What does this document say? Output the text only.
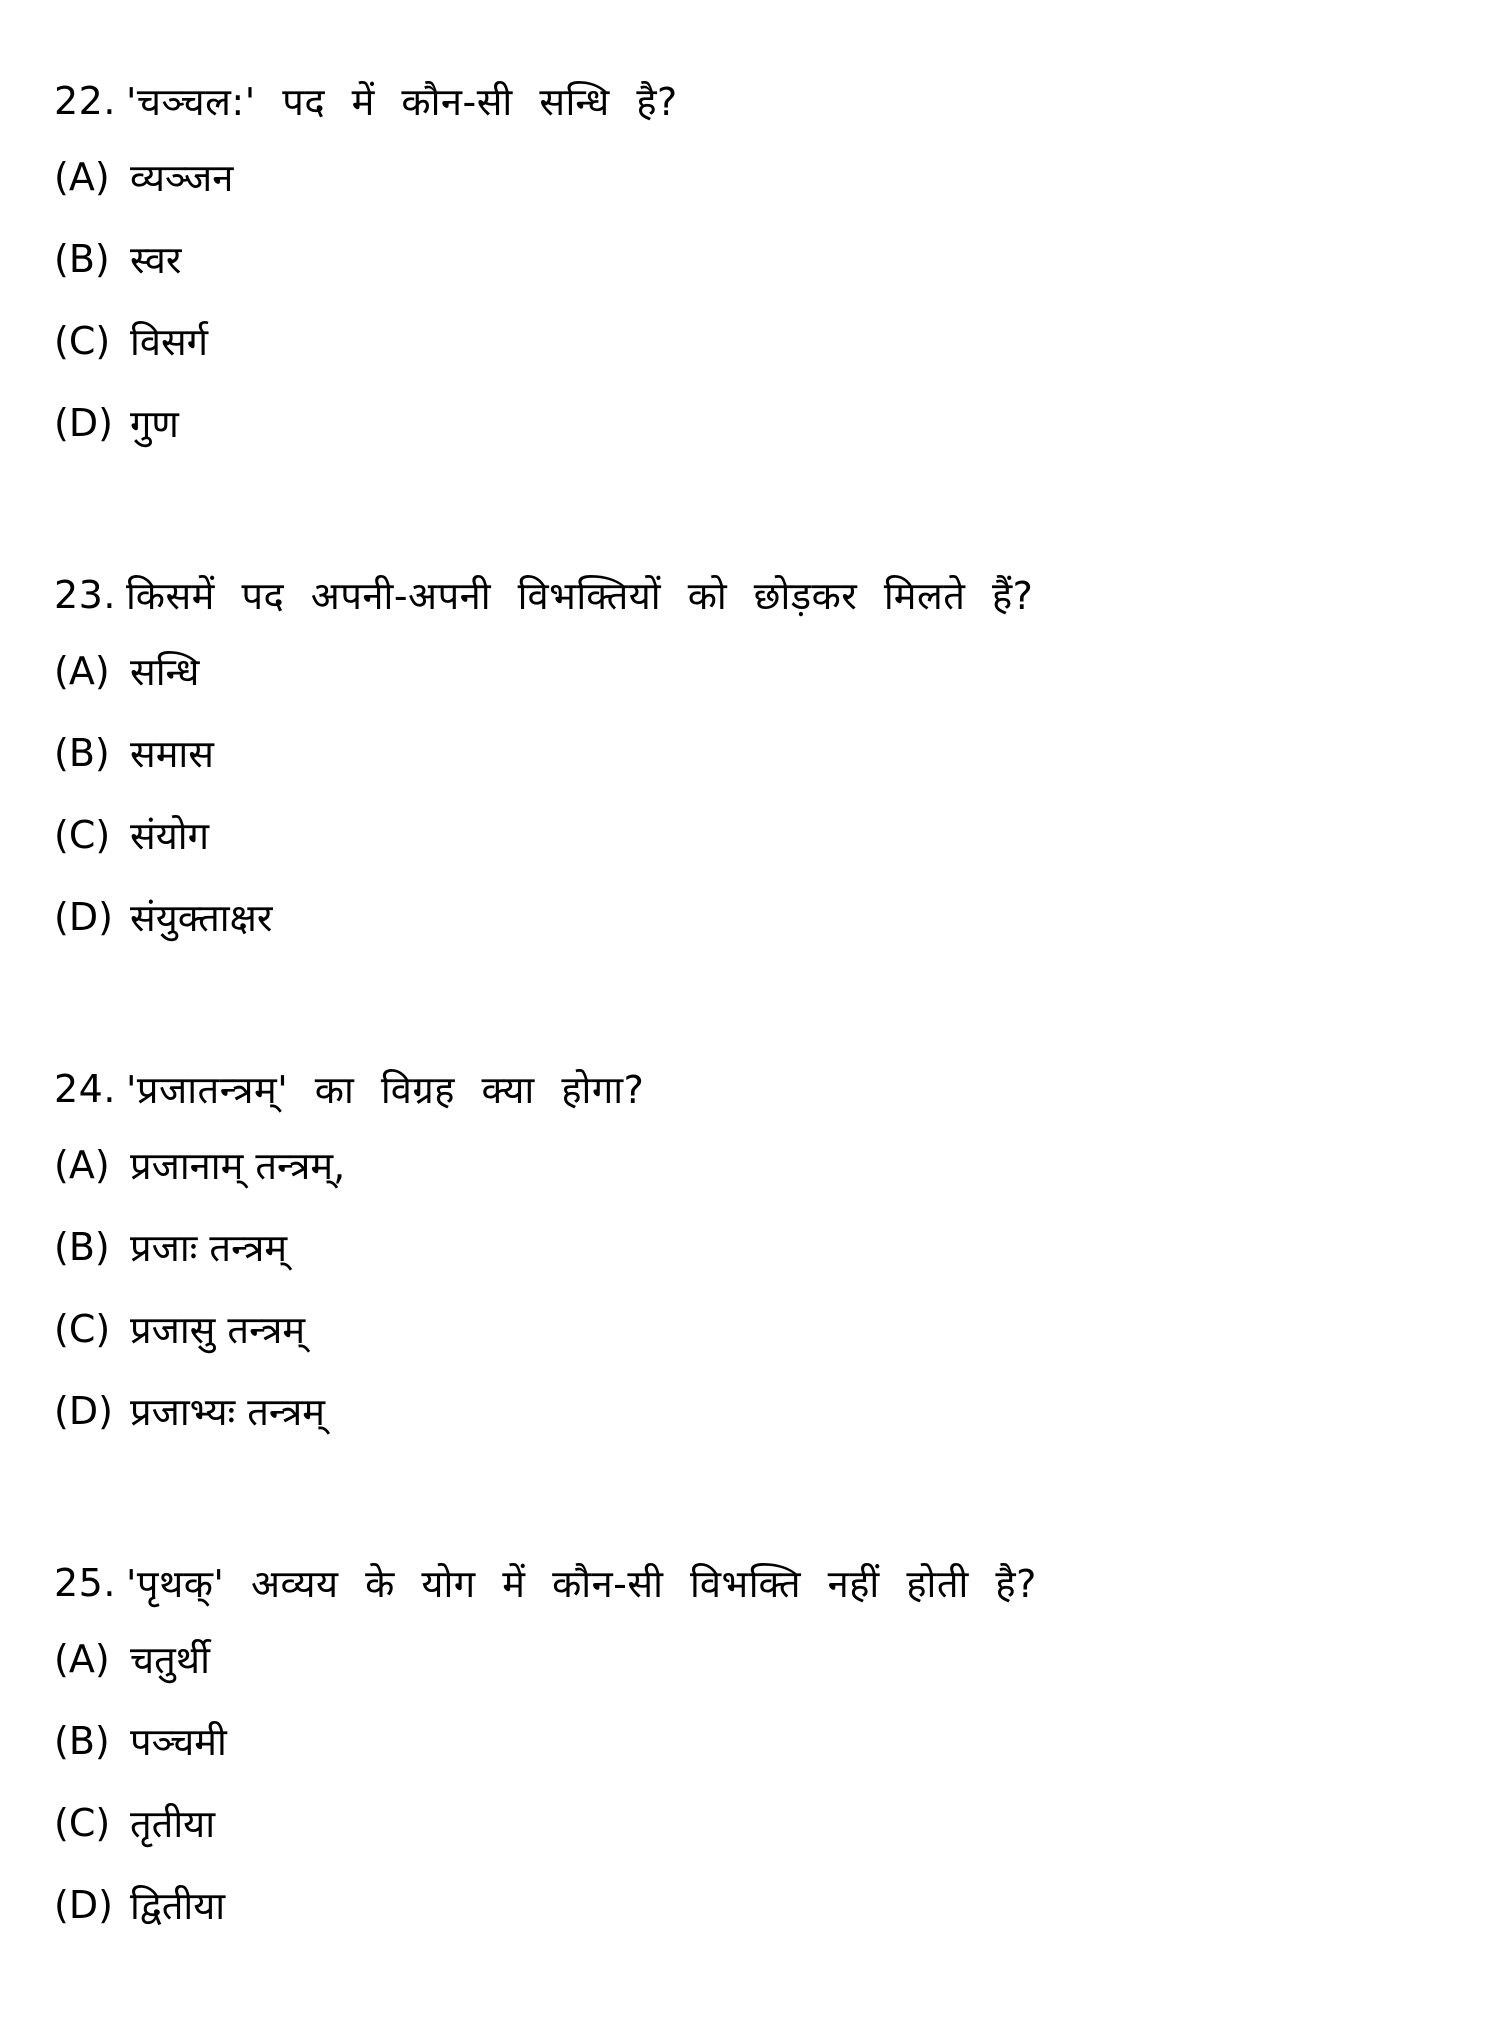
22. 'चञ्चल:' पद में कौन-सी सन्धि है?
(A) व्यञ्जन
(B) स्वर
(C) विसर्ग
(D) गुण
23. किसमें पद अपनी-अपनी विभक्तियों को छोड़कर मिलते हैं?
(A) सन्धि
(B) समास
(C) संयोग
(D) संयुक्ताक्षर
24. 'प्रजातन्त्रम्' का विग्रह क्या होगा?
(A) प्रजानाम् तन्त्रम्,
(B) प्रजाः तन्त्रम्
(C) प्रजासु तन्त्रम्
(D) प्रजाभ्यः तन्त्रम्
25. 'पृथक्' अव्यय के योग में कौन-सी विभक्ति नहीं होती है?
(A) चतुर्थी
(B) पञ्चमी
(C) तृतीया
(D) द्वितीया
